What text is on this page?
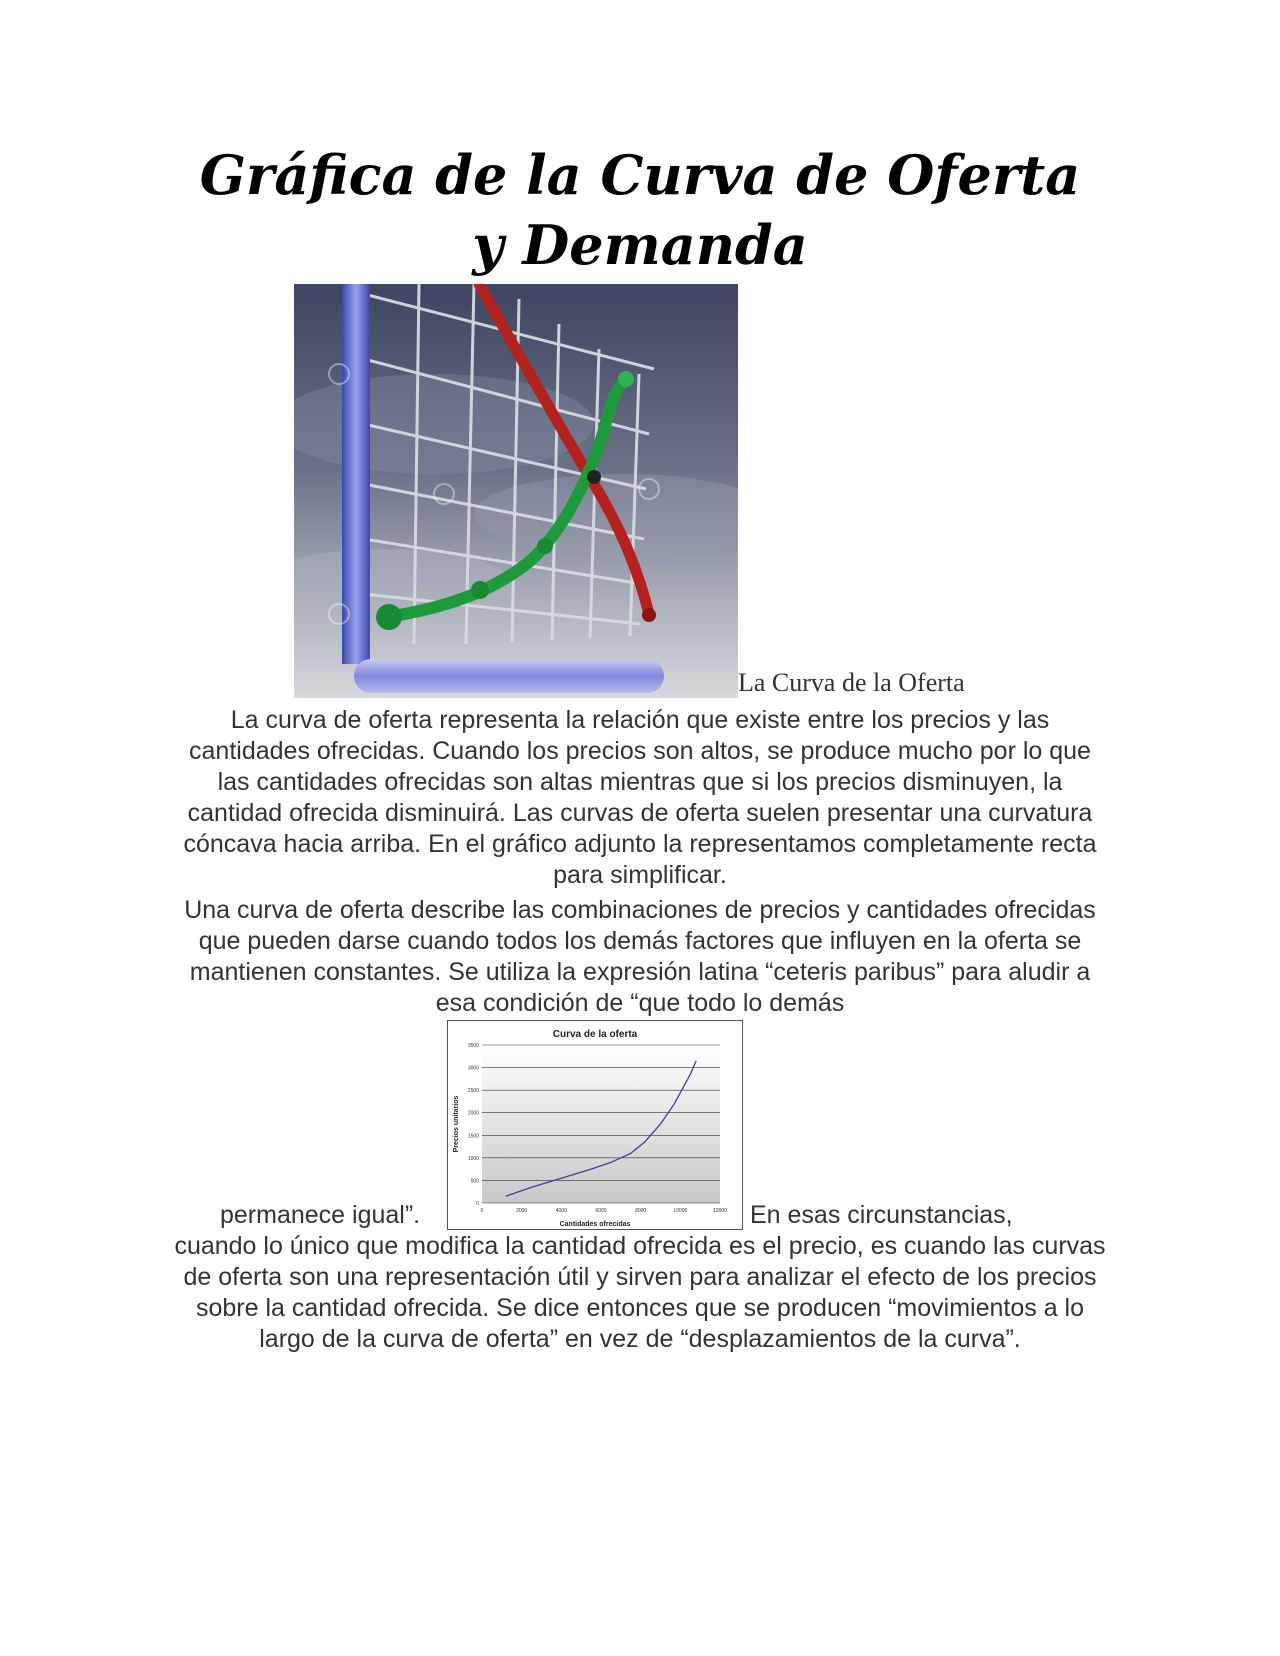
Gráfica de la Curva de Oferta
y Demanda
La Curva de la Oferta

La curva de oferta representa la relación que existe entre los precios y las cantidades ofrecidas. Cuando los precios son altos, se produce mucho por lo que las cantidades ofrecidas son altas mientras que si los precios disminuyen, la cantidad ofrecida disminuirá. Las curvas de oferta suelen presentar una curvatura cóncava hacia arriba. En el gráfico adjunto la representamos completamente recta para simplificar.

Una curva de oferta describe las combinaciones de precios y cantidades ofrecidas que pueden darse cuando todos los demás factores que influyen en la oferta se mantienen constantes. Se utiliza la expresión latina “ceteris paribus” para aludir a esa condición de “que todo lo demás

Curva de la oferta
Cantidades ofrecidas
Precios unitarios
0
500
1000
1500
2000
2500
3000
3500
0	2000	4000	6000	8000	10000	12000
permanece igual”.	En esas circunstancias,

cuando lo único que modifica la cantidad ofrecida es el precio, es cuando las curvas de oferta son una representación útil y sirven para analizar el efecto de los precios sobre la cantidad ofrecida. Se dice entonces que se producen “movimientos a lo largo de la curva de oferta” en vez de “desplazamientos de la curva”.
